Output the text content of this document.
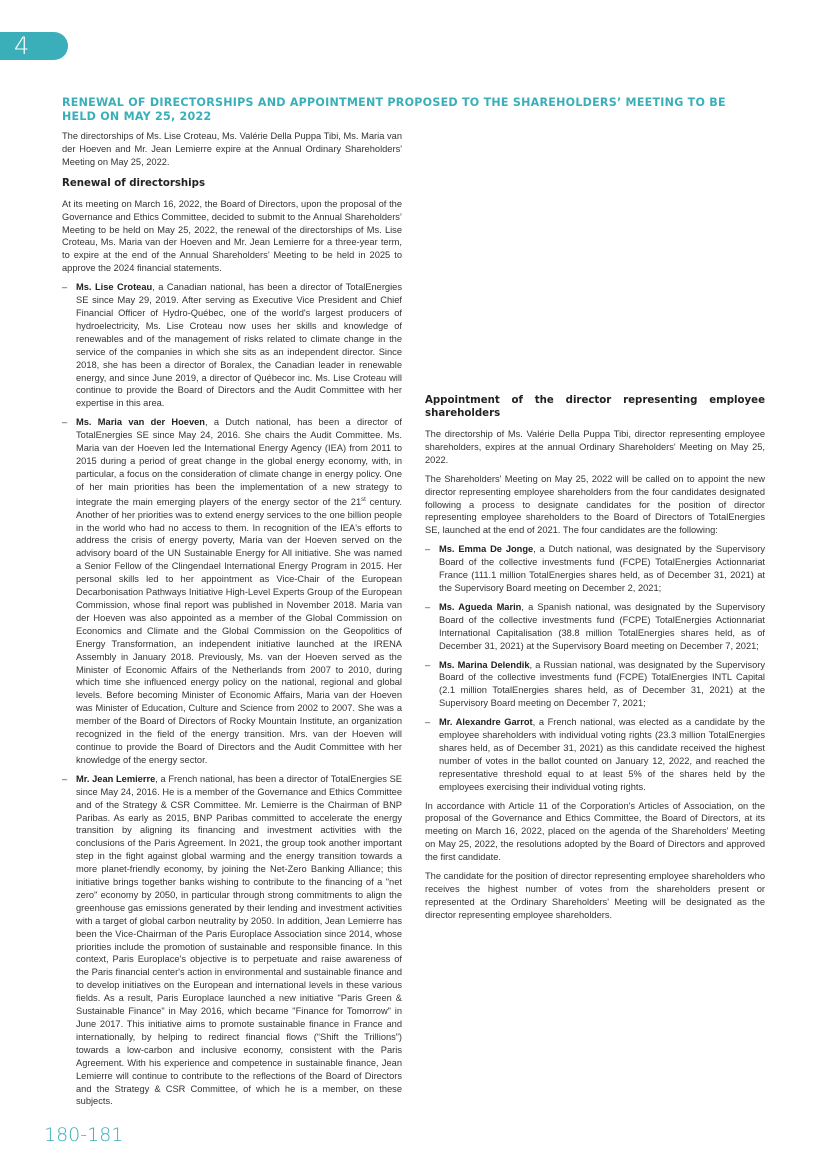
4
RENEWAL OF DIRECTORSHIPS AND APPOINTMENT PROPOSED TO THE SHAREHOLDERS’ MEETING TO BE HELD ON MAY 25, 2022

The directorships of Ms. Lise Croteau, Ms. Valérie Della Puppa Tibi, Ms. Maria van der Hoeven and Mr. Jean Lemierre expire at the Annual Ordinary Shareholders' Meeting on May 25, 2022.

Renewal of directorships

At its meeting on March 16, 2022, the Board of Directors, upon the proposal of the Governance and Ethics Committee, decided to submit to the Annual Shareholders’ Meeting to be held on May 25, 2022, the renewal of the directorships of Ms. Lise Croteau, Ms. Maria van der Hoeven and Mr. Jean Lemierre for a three-year term, to expire at the end of the Annual Shareholders’ Meeting to be held in 2025 to approve the 2024 financial statements.

– Ms. Lise Croteau, a Canadian national, has been a director of TotalEnergies SE since May 29, 2019. After serving as Executive Vice President and Chief Financial Officer of Hydro-Québec, one of the world's largest producers of hydroelectricity, Ms. Lise Croteau now uses her skills and knowledge of renewables and of the management of risks related to climate change in the service of the companies in which she sits as an independent director. Since 2018, she has been a director of Boralex, the Canadian leader in renewable energy, and since June 2019, a director of Québecor inc. Ms. Lise Croteau will continue to provide the Board of Directors and the Audit Committee with her expertise in this area.
– Ms. Maria van der Hoeven, a Dutch national, has been a director of TotalEnergies SE since May 24, 2016. She chairs the Audit Committee. Ms. Maria van der Hoeven led the International Energy Agency (IEA) from 2011 to 2015 during a period of great change in the global energy economy, with, in particular, a focus on the consideration of climate change in energy policy. One of her main priorities has been the implementation of a new strategy to integrate the main emerging players of the energy sector of the 21st century. Another of her priorities was to extend energy services to the one billion people in the world who had no access to them. In recognition of the IEA's efforts to address the crisis of energy poverty, Maria van der Hoeven served on the advisory board of the UN Sustainable Energy for All initiative. She was named a Senior Fellow of the Clingendael International Energy Program in 2015. Her personal skills led to her appointment as Vice-Chair of the European Decarbonisation Pathways Initiative High-Level Experts Group of the European Commission, whose final report was published in November 2018. Maria van der Hoeven was also appointed as a member of the Global Commission on Economics and Climate and the Global Commission on the Geopolitics of Energy Transformation, an independent initiative launched at the IRENA Assembly in January 2018. Previously, Ms. van der Hoeven served as the Minister of Economic Affairs of the Netherlands from 2007 to 2010, during which time she influenced energy policy on the national, regional and global levels. Before becoming Minister of Economic Affairs, Maria van der Hoeven was Minister of Education, Culture and Science from 2002 to 2007. She was a member of the Board of Directors of Rocky Mountain Institute, an organization recognized in the field of the energy transition. Mrs. van der Hoeven will continue to provide the Board of Directors and the Audit Committee with her knowledge of the energy sector.
– Mr. Jean Lemierre, a French national, has been a director of TotalEnergies SE since May 24, 2016. He is a member of the Governance and Ethics Committee and of the Strategy & CSR Committee. Mr. Lemierre is the Chairman of BNP Paribas. As early as 2015, BNP Paribas committed to accelerate the energy transition by aligning its financing and investment activities with the conclusions of the Paris Agreement. In 2021, the group took another important step in the fight against global warming and the energy transition towards a more planet-friendly economy, by joining the Net-Zero Banking Alliance; this initiative brings together banks wishing to contribute to the financing of a "net zero" economy by 2050, in particular through strong commitments to align the greenhouse gas emissions generated by their lending and investment activities with a target of global carbon neutrality by 2050. In addition, Jean Lemierre has been the Vice-Chairman of the Paris Europlace Association since 2014, whose priorities include the promotion of sustainable and responsible finance. In this context, Paris Europlace's objective is to perpetuate and raise awareness of the Paris financial center's action in environmental and sustainable finance and to develop initiatives on the European and international levels in these various fields. As a result, Paris Europlace launched a new initiative "Paris Green & Sustainable Finance" in May 2016, which became "Finance for Tomorrow" in June 2017. This initiative aims to promote sustainable finance in France and internationally, by helping to redirect financial flows (“Shift the Trillions”) towards a low-carbon and inclusive economy, consistent with the Paris Agreement. With his experience and competence in sustainable finance, Jean Lemierre will continue to contribute to the reflections of the Board of Directors and the Strategy & CSR Committee, of which he is a member, on these subjects.
Appointment of the director representing employee shareholders

The directorship of Ms. Valérie Della Puppa Tibi, director representing employee shareholders, expires at the annual Ordinary Shareholders' Meeting on May 25, 2022.

The Shareholders' Meeting on May 25, 2022 will be called on to appoint the new director representing employee shareholders from the four candidates designated following a process to designate candidates for the position of director representing employee shareholders to the Board of Directors of TotalEnergies SE, launched at the end of 2021. The four candidates are the following:

– Ms. Emma De Jonge, a Dutch national, was designated by the Supervisory Board of the collective investments fund (FCPE) TotalEnergies Actionnariat France (111.1 million TotalEnergies shares held, as of December 31, 2021) at the Supervisory Board meeting on December 2, 2021;
– Ms. Agueda Marin, a Spanish national, was designated by the Supervisory Board of the collective investments fund (FCPE) TotalEnergies Actionnariat International Capitalisation (38.8 million TotalEnergies shares held, as of December 31, 2021) at the Supervisory Board meeting on December 7, 2021;
– Ms. Marina Delendik, a Russian national, was designated by the Supervisory Board of the collective investments fund (FCPE) TotalEnergies INTL Capital (2.1 million TotalEnergies shares held, as of December 31, 2021) at the Supervisory Board meeting on December 7, 2021;
– Mr. Alexandre Garrot, a French national, was elected as a candidate by the employee shareholders with individual voting rights (23.3 million TotalEnergies shares held, as of December 31, 2021) as this candidate received the highest number of votes in the ballot counted on January 12, 2022, and reached the representative threshold equal to at least 5% of the shares held by the employees exercising their individual voting rights.

In accordance with Article 11 of the Corporation's Articles of Association, on the proposal of the Governance and Ethics Committee, the Board of Directors, at its meeting on March 16, 2022, placed on the agenda of the Shareholders' Meeting on May 25, 2022, the resolutions adopted by the Board of Directors and approved the first candidate.

The candidate for the position of director representing employee shareholders who receives the highest number of votes from the shareholders present or represented at the Ordinary Shareholders' Meeting will be designated as the director representing employee shareholders.

180-181
